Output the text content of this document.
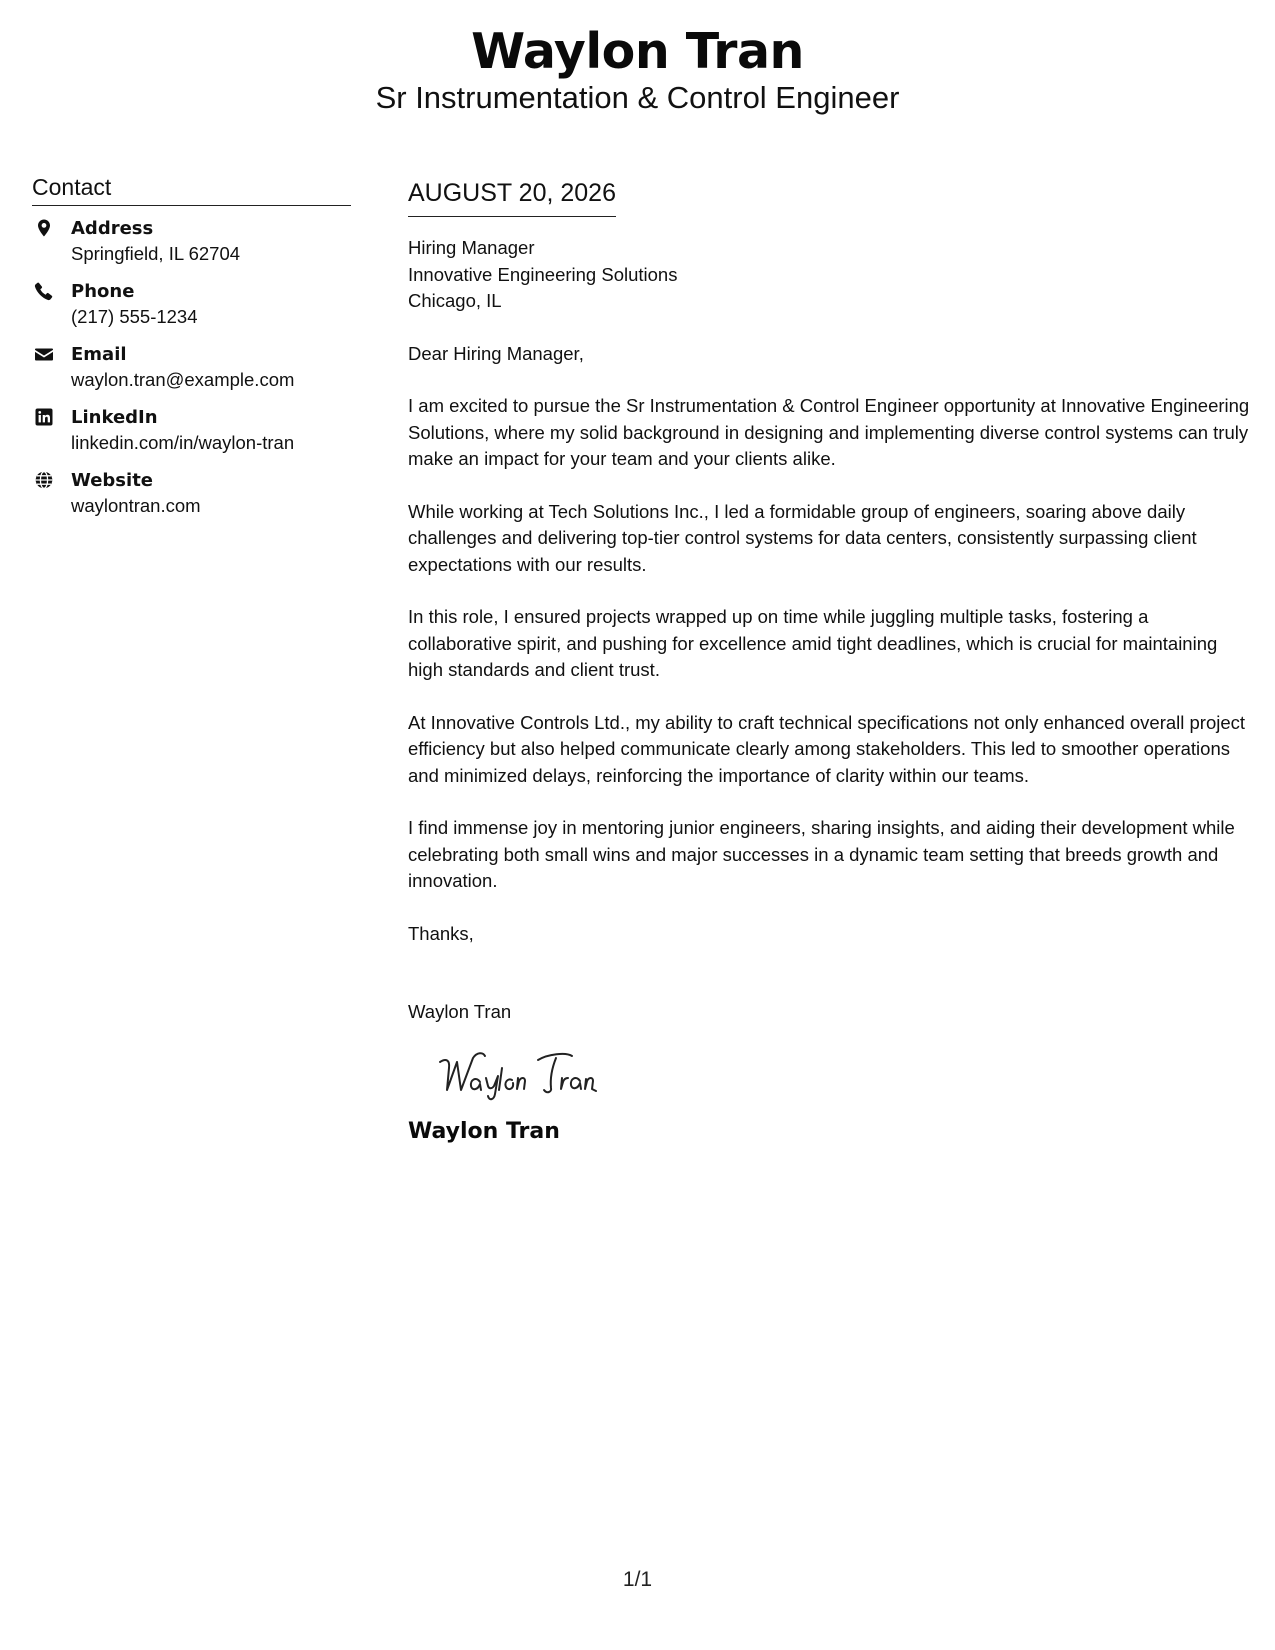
Waylon Tran
Sr Instrumentation & Control Engineer
Contact
Address
Springfield, IL 62704
Phone
(217) 555-1234
Email
waylon.tran@example.com
LinkedIn
linkedin.com/in/waylon-tran
Website
waylontran.com
AUGUST 20, 2026
Hiring Manager
Innovative Engineering Solutions
Chicago, IL

Dear Hiring Manager,

I am excited to pursue the Sr Instrumentation & Control Engineer opportunity at Innovative Engineering Solutions, where my solid background in designing and implementing diverse control systems can truly make an impact for your team and your clients alike.

While working at Tech Solutions Inc., I led a formidable group of engineers, soaring above daily challenges and delivering top-tier control systems for data centers, consistently surpassing client expectations with our results.

In this role, I ensured projects wrapped up on time while juggling multiple tasks, fostering a collaborative spirit, and pushing for excellence amid tight deadlines, which is crucial for maintaining high standards and client trust.

At Innovative Controls Ltd., my ability to craft technical specifications not only enhanced overall project efficiency but also helped communicate clearly among stakeholders. This led to smoother operations and minimized delays, reinforcing the importance of clarity within our teams.

I find immense joy in mentoring junior engineers, sharing insights, and aiding their development while celebrating both small wins and major successes in a dynamic team setting that breeds growth and innovation.

Thanks,

Waylon Tran
Waylon Tran
1/1
